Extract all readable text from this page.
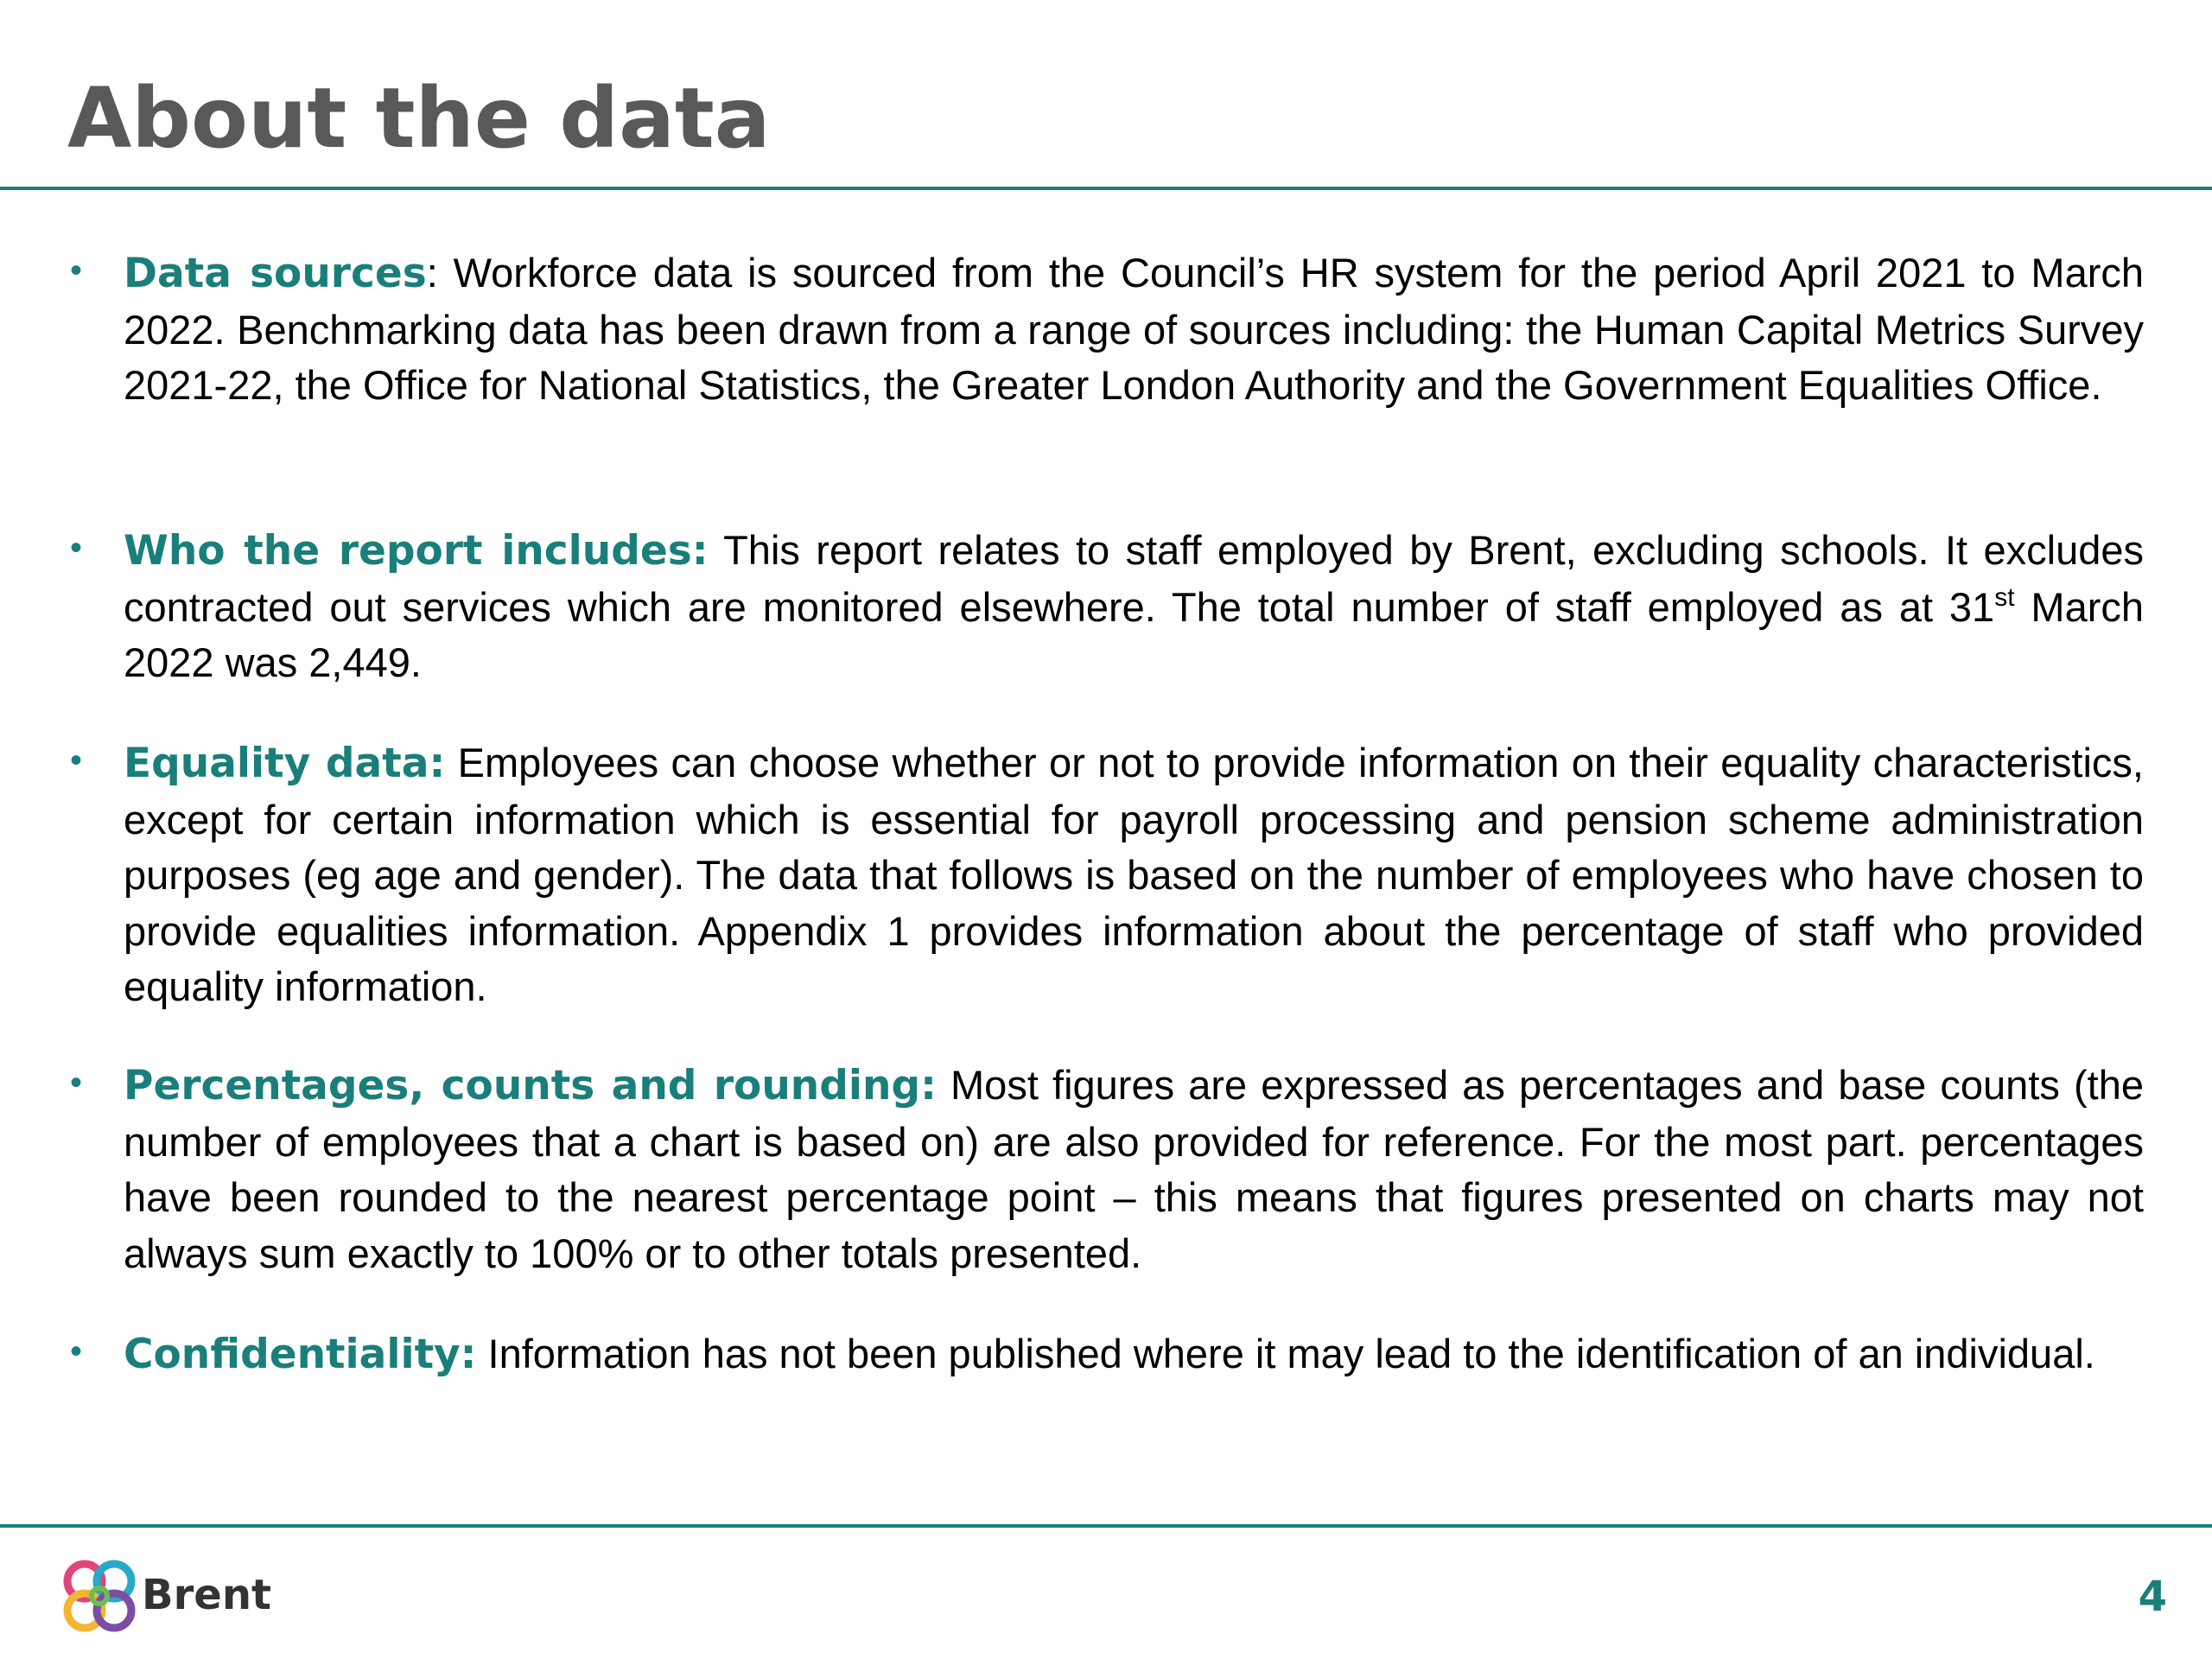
About the data

• Data sources: Workforce data is sourced from the Council’s HR system for the period April 2021 to March 2022. Benchmarking data has been drawn from a range of sources including: the Human Capital Metrics Survey 2021-22, the Office for National Statistics, the Greater London Authority and the Government Equalities Office.

• Who the report includes: This report relates to staff employed by Brent, excluding schools. It excludes contracted out services which are monitored elsewhere. The total number of staff employed as at 31st March 2022 was 2,449.

• Equality data: Employees can choose whether or not to provide information on their equality characteristics, except for certain information which is essential for payroll processing and pension scheme administration purposes (eg age and gender). The data that follows is based on the number of employees who have chosen to provide equalities information. Appendix 1 provides information about the percentage of staff who provided equality information.

• Percentages, counts and rounding: Most figures are expressed as percentages and base counts (the number of employees that a chart is based on) are also provided for reference. For the most part. percentages have been rounded to the nearest percentage point – this means that figures presented on charts may not always sum exactly to 100% or to other totals presented.

• Confidentiality: Information has not been published where it may lead to the identification of an individual.

Brent	4
